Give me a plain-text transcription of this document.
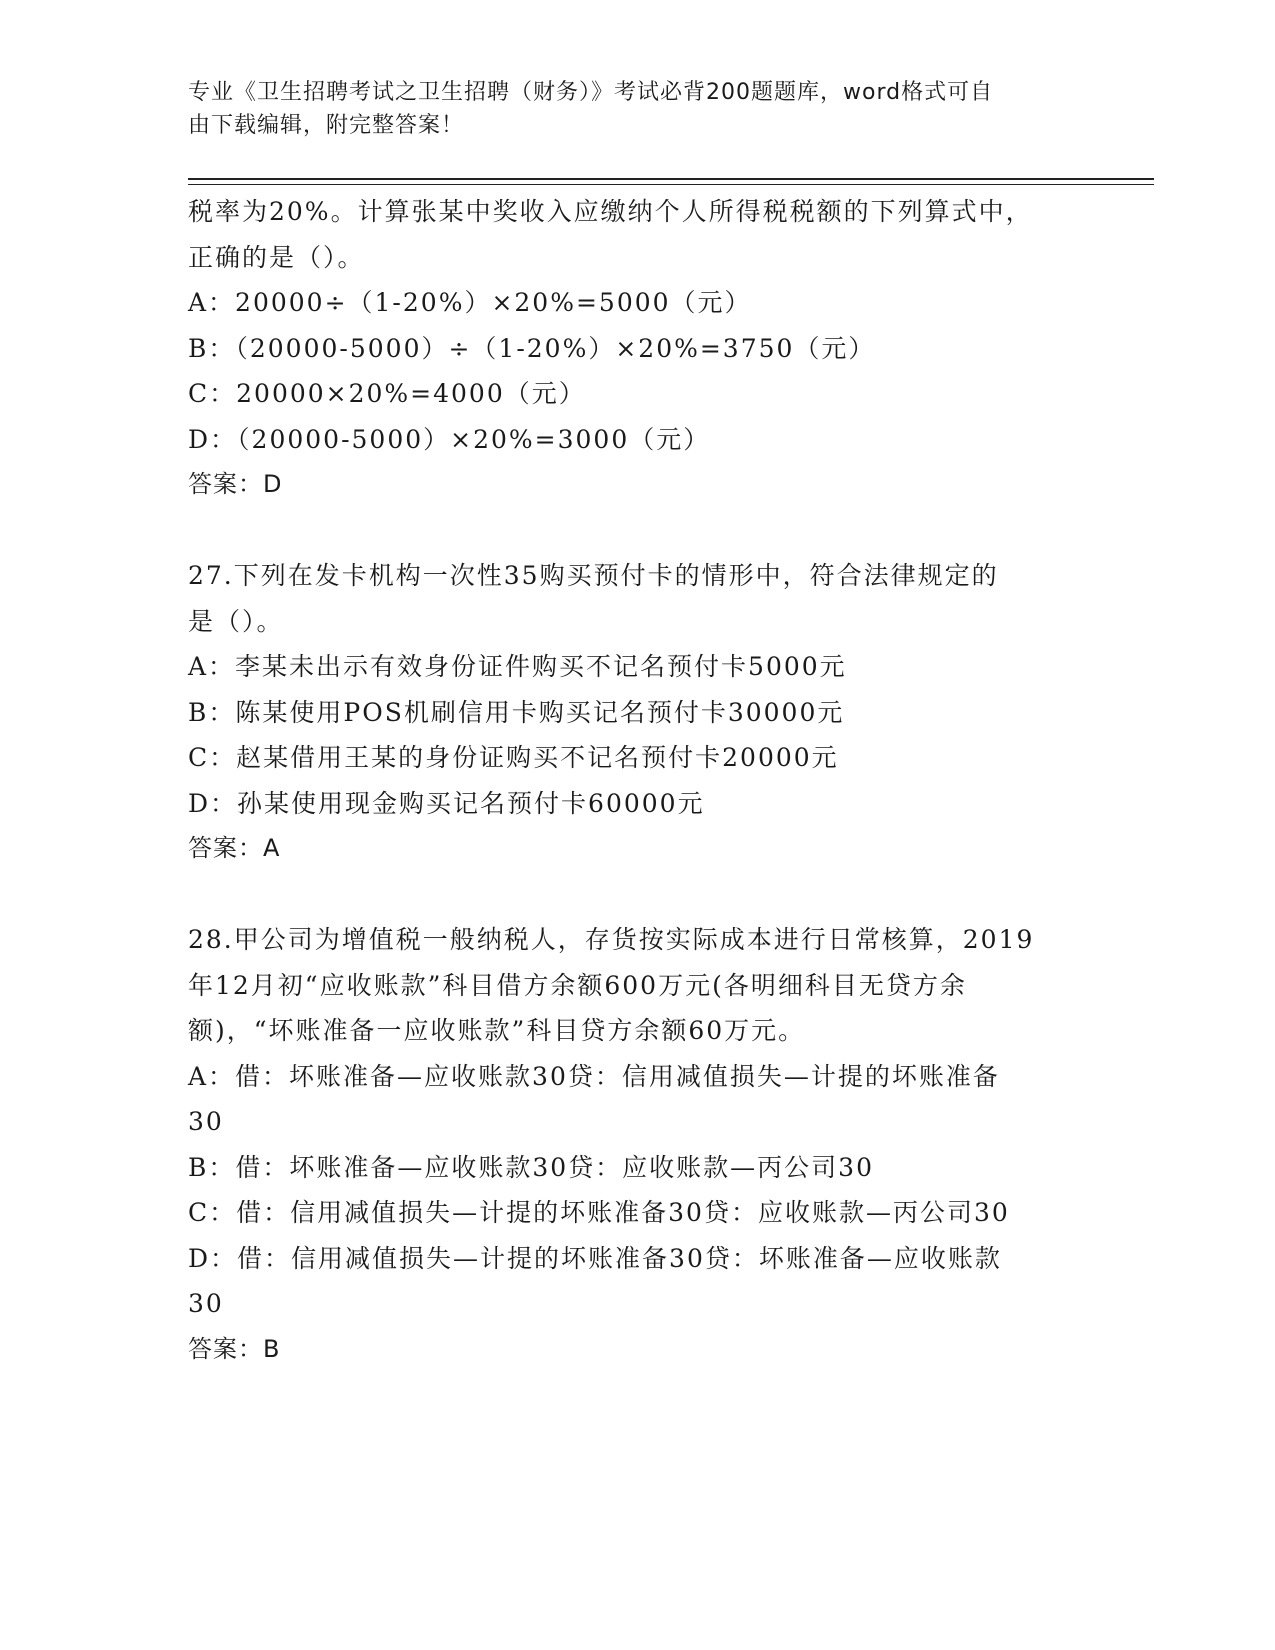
专业《卫生招聘考试之卫生招聘（财务）》考试必背200题题库，word格式可自
由下载编辑，附完整答案！
税率为20%。计算张某中奖收入应缴纳个人所得税税额的下列算式中，
正确的是（）。
A：20000÷（1-20%）×20%=5000（元）
B：（20000-5000）÷（1-20%）×20%=3750（元）
C：20000×20%=4000（元）
D：（20000-5000）×20%=3000（元）
答案：D
27.下列在发卡机构一次性35购买预付卡的情形中，符合法律规定的
是（）。
A：李某未出示有效身份证件购买不记名预付卡5000元
B：陈某使用POS机刷信用卡购买记名预付卡30000元
C：赵某借用王某的身份证购买不记名预付卡20000元
D：孙某使用现金购买记名预付卡60000元
答案：A
28.甲公司为增值税一般纳税人，存货按实际成本进行日常核算，2019
年12月初“应收账款”科目借方余额600万元(各明细科目无贷方余
额)，“坏账准备一应收账款”科目贷方余额60万元。
A：借：坏账准备—应收账款30贷：信用减值损失—计提的坏账准备
30
B：借：坏账准备—应收账款30贷：应收账款—丙公司30
C：借：信用减值损失—计提的坏账准备30贷：应收账款—丙公司30
D：借：信用减值损失—计提的坏账准备30贷：坏账准备—应收账款
30
答案：B
